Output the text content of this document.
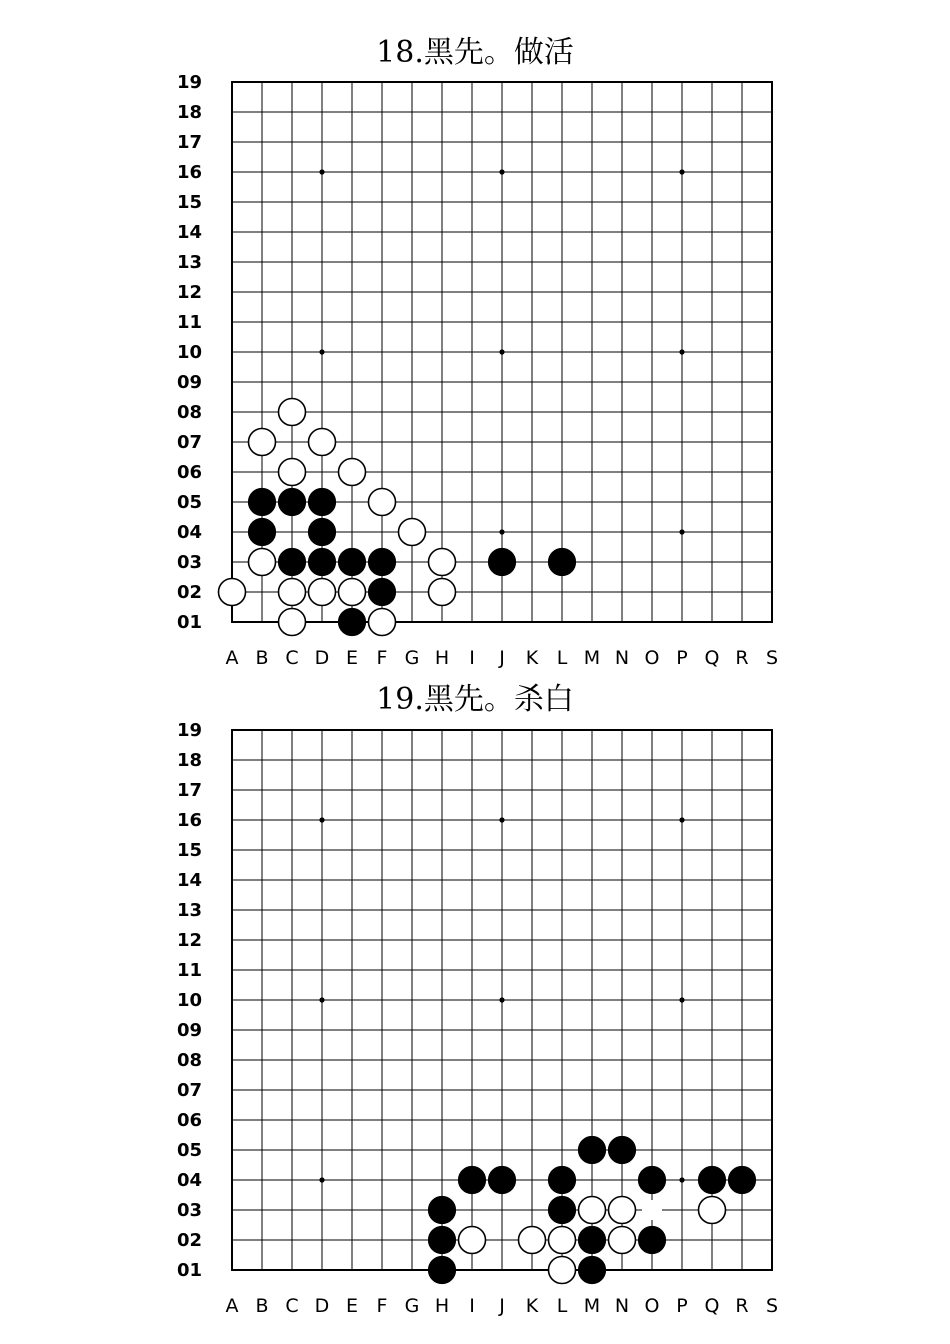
18.黑先。做活
19
18
17
16
15
14
13
12
11
10
09
08
07
06
05
04
03
02
01
A B C D E F G H I J K L M N O P Q R S
19.黑先。杀白
19
18
17
16
15
14
13
12
11
10
09
08
07
06
05
04
03
02
01
A B C D E F G H I J K L M N O P Q R S
